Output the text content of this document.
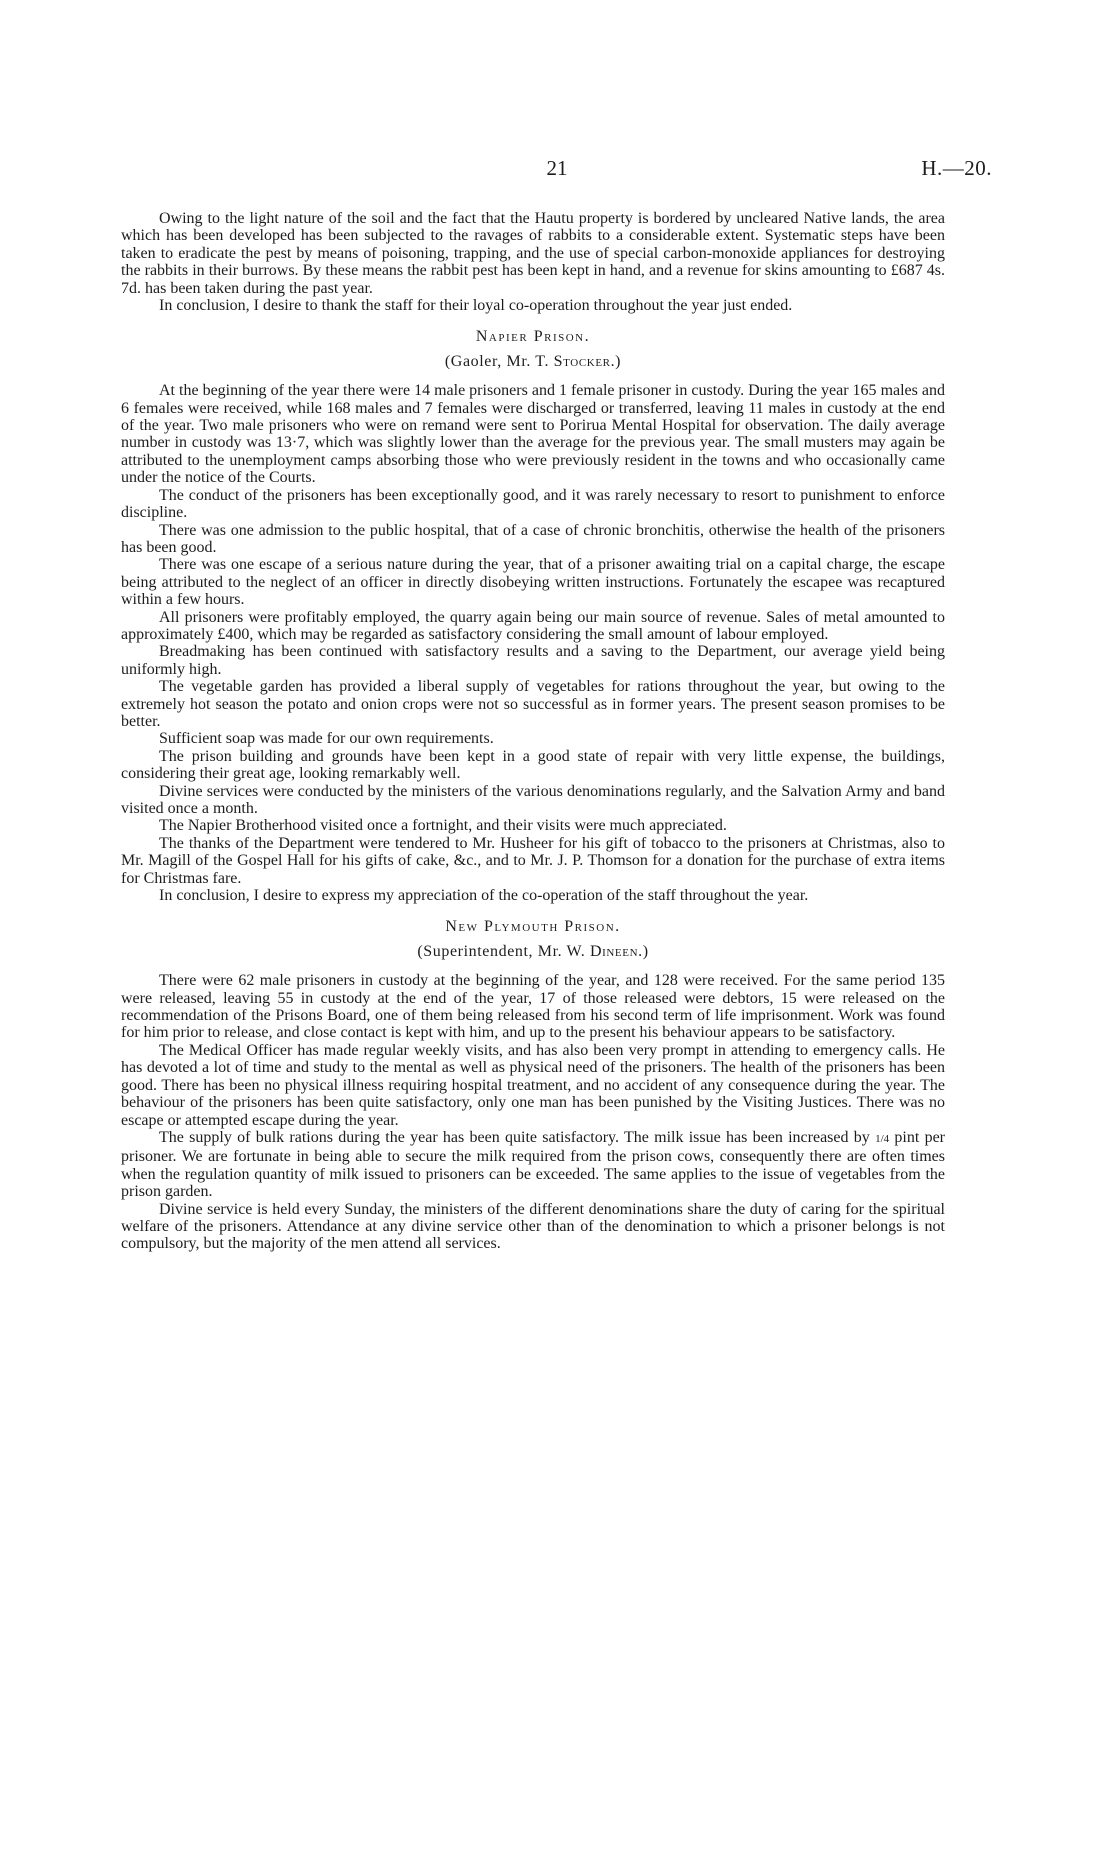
21	H.—20.

Owing to the light nature of the soil and the fact that the Hautu property is bordered by uncleared Native lands, the area which has been developed has been subjected to the ravages of rabbits to a considerable extent. Systematic steps have been taken to eradicate the pest by means of poisoning, trapping, and the use of special carbon-monoxide appliances for destroying the rabbits in their burrows. By these means the rabbit pest has been kept in hand, and a revenue for skins amounting to £687 4s. 7d. has been taken during the past year.

In conclusion, I desire to thank the staff for their loyal co-operation throughout the year just ended.

Napier Prison.
(Gaoler, Mr. T. Stocker.)

At the beginning of the year there were 14 male prisoners and 1 female prisoner in custody. During the year 165 males and 6 females were received, while 168 males and 7 females were discharged or transferred, leaving 11 males in custody at the end of the year. Two male prisoners who were on remand were sent to Porirua Mental Hospital for observation. The daily average number in custody was 13·7, which was slightly lower than the average for the previous year. The small musters may again be attributed to the unemployment camps absorbing those who were previously resident in the towns and who occasionally came under the notice of the Courts.

The conduct of the prisoners has been exceptionally good, and it was rarely necessary to resort to punishment to enforce discipline.

There was one admission to the public hospital, that of a case of chronic bronchitis, otherwise the health of the prisoners has been good.

There was one escape of a serious nature during the year, that of a prisoner awaiting trial on a capital charge, the escape being attributed to the neglect of an officer in directly disobeying written instructions. Fortunately the escapee was recaptured within a few hours.

All prisoners were profitably employed, the quarry again being our main source of revenue. Sales of metal amounted to approximately £400, which may be regarded as satisfactory considering the small amount of labour employed.

Breadmaking has been continued with satisfactory results and a saving to the Department, our average yield being uniformly high.

The vegetable garden has provided a liberal supply of vegetables for rations throughout the year, but owing to the extremely hot season the potato and onion crops were not so successful as in former years. The present season promises to be better.

Sufficient soap was made for our own requirements.

The prison building and grounds have been kept in a good state of repair with very little expense, the buildings, considering their great age, looking remarkably well.

Divine services were conducted by the ministers of the various denominations regularly, and the Salvation Army and band visited once a month.

The Napier Brotherhood visited once a fortnight, and their visits were much appreciated.

The thanks of the Department were tendered to Mr. Husheer for his gift of tobacco to the prisoners at Christmas, also to Mr. Magill of the Gospel Hall for his gifts of cake, &c., and to Mr. J. P. Thomson for a donation for the purchase of extra items for Christmas fare.

In conclusion, I desire to express my appreciation of the co-operation of the staff throughout the year.

New Plymouth Prison.
(Superintendent, Mr. W. Dineen.)

There were 62 male prisoners in custody at the beginning of the year, and 128 were received. For the same period 135 were released, leaving 55 in custody at the end of the year, 17 of those released were debtors, 15 were released on the recommendation of the Prisons Board, one of them being released from his second term of life imprisonment. Work was found for him prior to release, and close contact is kept with him, and up to the present his behaviour appears to be satisfactory.

The Medical Officer has made regular weekly visits, and has also been very prompt in attending to emergency calls. He has devoted a lot of time and study to the mental as well as physical need of the prisoners. The health of the prisoners has been good. There has been no physical illness requiring hospital treatment, and no accident of any consequence during the year. The behaviour of the prisoners has been quite satisfactory, only one man has been punished by the Visiting Justices. There was no escape or attempted escape during the year.

The supply of bulk rations during the year has been quite satisfactory. The milk issue has been increased by 1/4 pint per prisoner. We are fortunate in being able to secure the milk required from the prison cows, consequently there are often times when the regulation quantity of milk issued to prisoners can be exceeded. The same applies to the issue of vegetables from the prison garden.

Divine service is held every Sunday, the ministers of the different denominations share the duty of caring for the spiritual welfare of the prisoners. Attendance at any divine service other than of the denomination to which a prisoner belongs is not compulsory, but the majority of the men attend all services.
